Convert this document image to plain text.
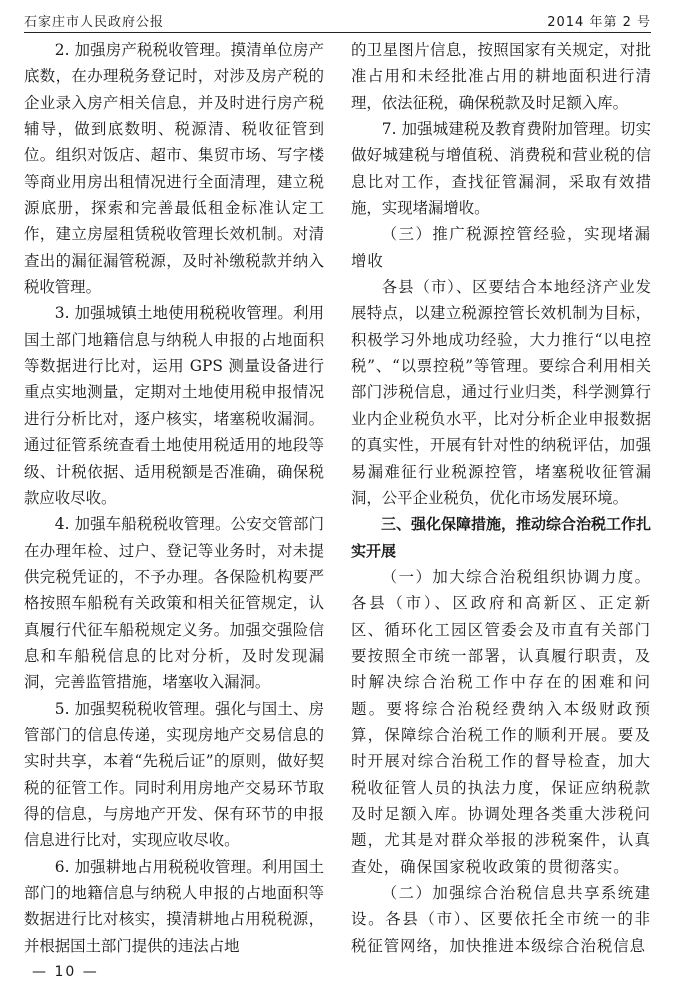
石家庄市人民政府公报	2014 年第 2 号

2. 加强房产税税收管理。摸清单位房产底数，在办理税务登记时，对涉及房产税的企业录入房产相关信息，并及时进行房产税辅导，做到底数明、税源清、税收征管到位。组织对饭店、超市、集贸市场、写字楼等商业用房出租情况进行全面清理，建立税源底册，探索和完善最低租金标准认定工作，建立房屋租赁税收管理长效机制。对清查出的漏征漏管税源，及时补缴税款并纳入税收管理。

3. 加强城镇土地使用税税收管理。利用国土部门地籍信息与纳税人申报的占地面积等数据进行比对，运用 GPS 测量设备进行重点实地测量，定期对土地使用税申报情况进行分析比对，逐户核实，堵塞税收漏洞。通过征管系统查看土地使用税适用的地段等级、计税依据、适用税额是否准确，确保税款应收尽收。

4. 加强车船税税收管理。公安交管部门在办理年检、过户、登记等业务时，对未提供完税凭证的，不予办理。各保险机构要严格按照车船税有关政策和相关征管规定，认真履行代征车船税规定义务。加强交强险信息和车船税信息的比对分析，及时发现漏洞，完善监管措施，堵塞收入漏洞。

5. 加强契税税收管理。强化与国土、房管部门的信息传递，实现房地产交易信息的实时共享，本着“先税后证”的原则，做好契税的征管工作。同时利用房地产交易环节取得的信息，与房地产开发、保有环节的申报信息进行比对，实现应收尽收。

6. 加强耕地占用税税收管理。利用国土部门的地籍信息与纳税人申报的占地面积等数据进行比对核实，摸清耕地占用税税源，并根据国土部门提供的违法占地

的卫星图片信息，按照国家有关规定，对批准占用和未经批准占用的耕地面积进行清理，依法征税，确保税款及时足额入库。

7. 加强城建税及教育费附加管理。切实做好城建税与增值税、消费税和营业税的信息比对工作，查找征管漏洞，采取有效措施，实现堵漏增收。

（三）推广税源控管经验，实现堵漏增收

各县（市）、区要结合本地经济产业发展特点，以建立税源控管长效机制为目标，积极学习外地成功经验，大力推行“以电控税”、“以票控税”等管理。要综合利用相关部门涉税信息，通过行业归类，科学测算行业内企业税负水平，比对分析企业申报数据的真实性，开展有针对性的纳税评估，加强易漏难征行业税源控管，堵塞税收征管漏洞，公平企业税负，优化市场发展环境。

三、强化保障措施，推动综合治税工作扎实开展

（一）加大综合治税组织协调力度。各县（市）、区政府和高新区、正定新区、循环化工园区管委会及市直有关部门要按照全市统一部署，认真履行职责，及时解决综合治税工作中存在的困难和问题。要将综合治税经费纳入本级财政预算，保障综合治税工作的顺利开展。要及时开展对综合治税工作的督导检查，加大税收征管人员的执法力度，保证应纳税款及时足额入库。协调处理各类重大涉税问题，尤其是对群众举报的涉税案件，认真查处，确保国家税收政策的贯彻落实。

（二）加强综合治税信息共享系统建设。各县（市）、区要依托全市统一的非税征管网络，加快推进本级综合治税信息

— 10 —
